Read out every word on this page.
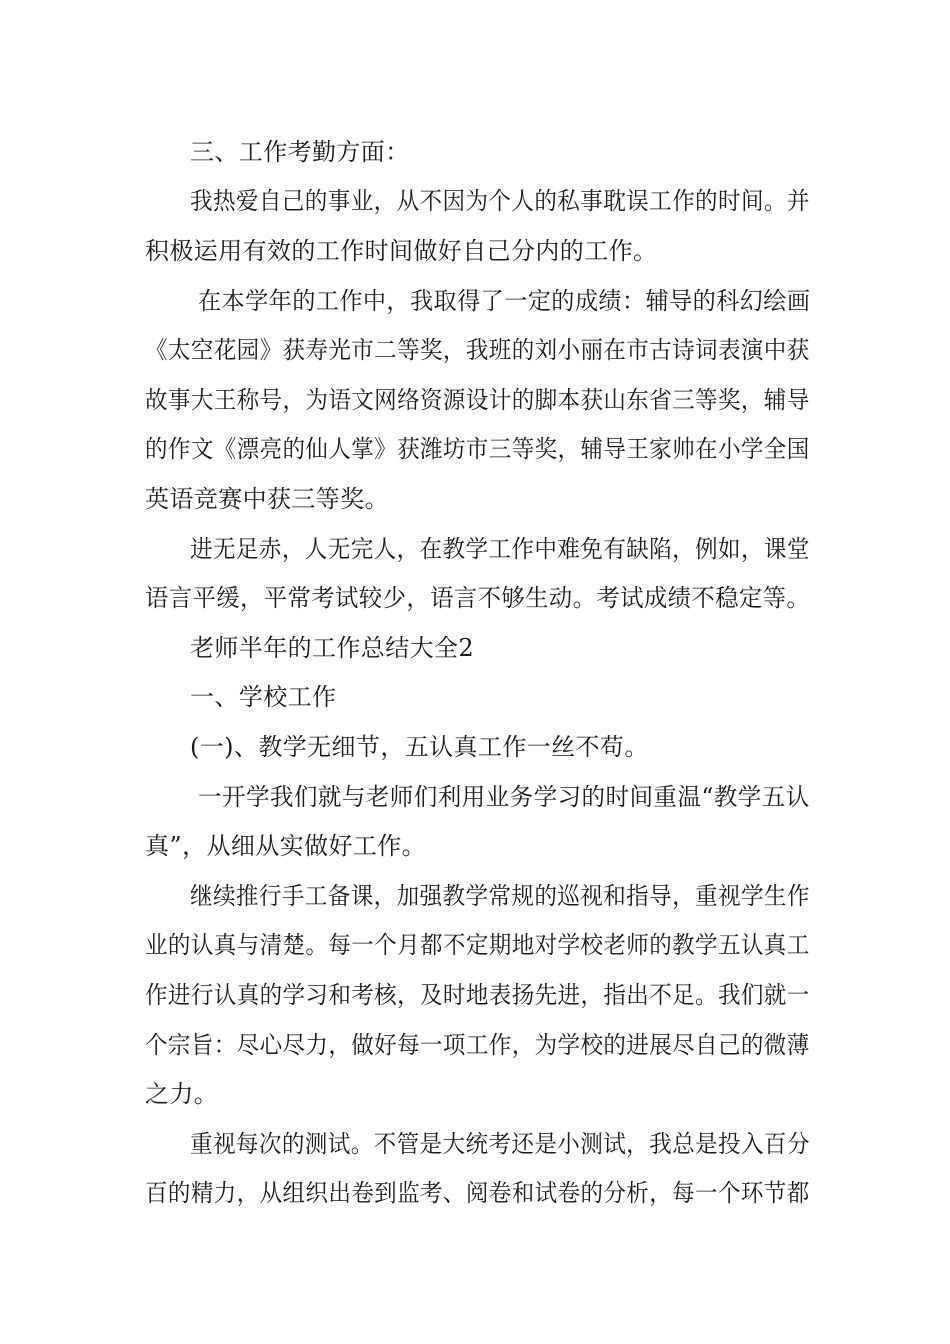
三、工作考勤方面：
我热爱自己的事业，从不因为个人的私事耽误工作的时间。并
积极运用有效的工作时间做好自己分内的工作。
在本学年的工作中，我取得了一定的成绩：辅导的科幻绘画
《太空花园》获寿光市二等奖，我班的刘小丽在市古诗词表演中获
故事大王称号，为语文网络资源设计的脚本获山东省三等奖，辅导
的作文《漂亮的仙人掌》获潍坊市三等奖，辅导王家帅在小学全国
英语竞赛中获三等奖。
进无足赤，人无完人，在教学工作中难免有缺陷，例如，课堂
语言平缓，平常考试较少，语言不够生动。考试成绩不稳定等。
老师半年的工作总结大全2
一、学校工作
(一)、教学无细节，五认真工作一丝不苟。
一开学我们就与老师们利用业务学习的时间重温“教学五认
真”，从细从实做好工作。
继续推行手工备课，加强教学常规的巡视和指导，重视学生作
业的认真与清楚。每一个月都不定期地对学校老师的教学五认真工
作进行认真的学习和考核，及时地表扬先进，指出不足。我们就一
个宗旨：尽心尽力，做好每一项工作，为学校的进展尽自己的微薄
之力。
重视每次的测试。不管是大统考还是小测试，我总是投入百分
百的精力，从组织出卷到监考、阅卷和试卷的分析，每一个环节都
